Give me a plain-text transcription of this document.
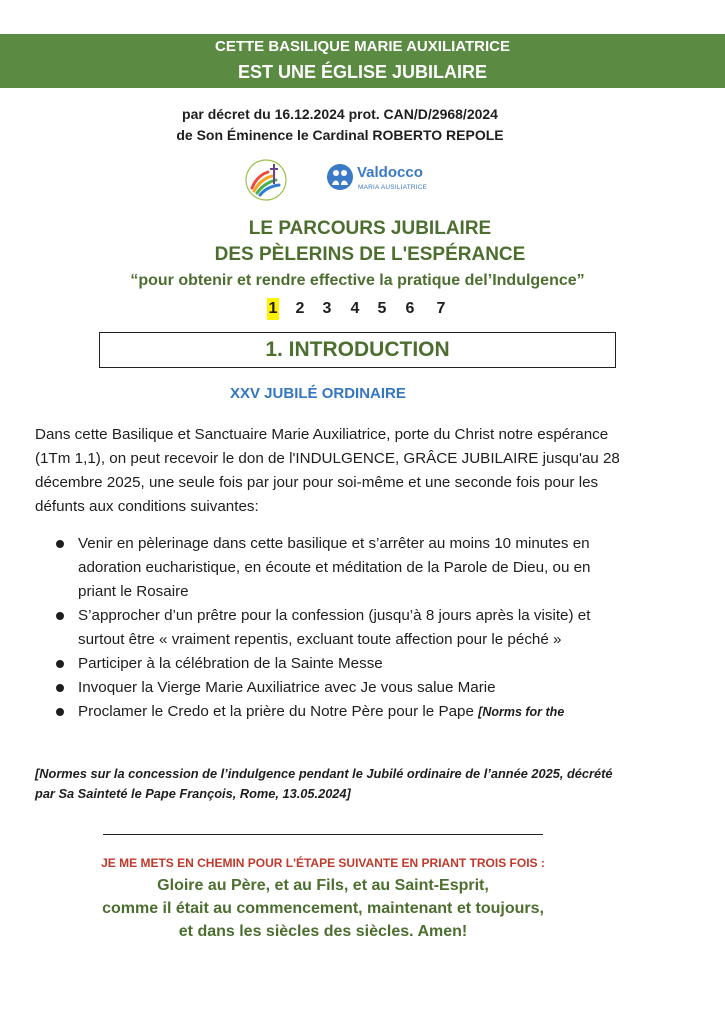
CETTE BASILIQUE MARIE AUXILIATRICE
EST UNE ÉGLISE JUBILAIRE
par décret du 16.12.2024 prot. CAN/D/2968/2024
de Son Éminence le Cardinal ROBERTO REPOLE
Valdocco
MARIA AUSILIATRICE
LE PARCOURS JUBILAIRE
DES PÈLERINS DE L'ESPÉRANCE
“pour obtenir et rendre effective la pratique del’Indulgence”
1 2 3 4 5 6 7
1. INTRODUCTION
XXV JUBILÉ ORDINAIRE
Dans cette Basilique et Sanctuaire Marie Auxiliatrice, porte du Christ notre espérance (1Tm 1,1), on peut recevoir le don de l'INDULGENCE, GRÂCE JUBILAIRE jusqu'au 28 décembre 2025, une seule fois par jour pour soi-même et une seconde fois pour les défunts aux conditions suivantes:
Venir en pèlerinage dans cette basilique et s’arrêter au moins 10 minutes en adoration eucharistique, en écoute et méditation de la Parole de Dieu, ou en priant le Rosaire
S’approcher d’un prêtre pour la confession (jusqu’à 8 jours après la visite) et surtout être « vraiment repentis, excluant toute affection pour le péché »
Participer à la célébration de la Sainte Messe
Invoquer la Vierge Marie Auxiliatrice avec Je vous salue Marie
Proclamer le Credo et la prière du Notre Père pour le Pape [Norms for the
[Normes sur la concession de l’indulgence pendant le Jubilé ordinaire de l’année 2025, décrété par Sa Sainteté le Pape François, Rome, 13.05.2024]
JE ME METS EN CHEMIN POUR L'ÉTAPE SUIVANTE EN PRIANT TROIS FOIS :
Gloire au Père, et au Fils, et au Saint-Esprit,
comme il était au commencement, maintenant et toujours,
et dans les siècles des siècles. Amen!
